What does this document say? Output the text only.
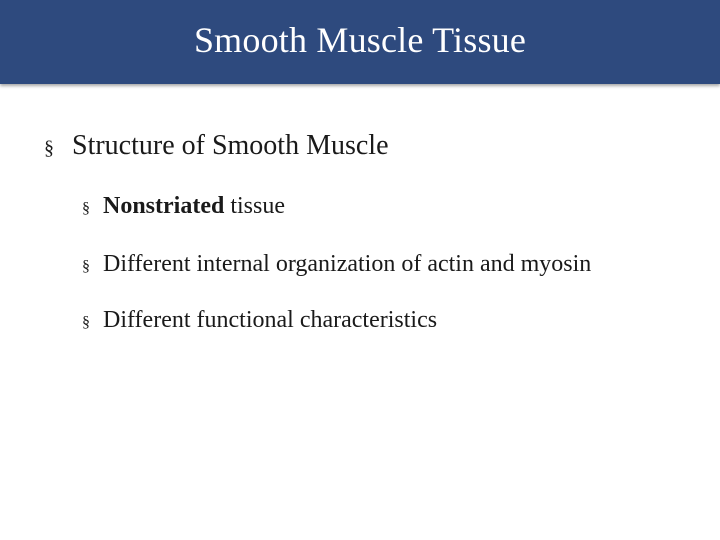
Smooth Muscle Tissue
§ Structure of Smooth Muscle
§ Nonstriated tissue
§ Different internal organization of actin and myosin
§ Different functional characteristics
